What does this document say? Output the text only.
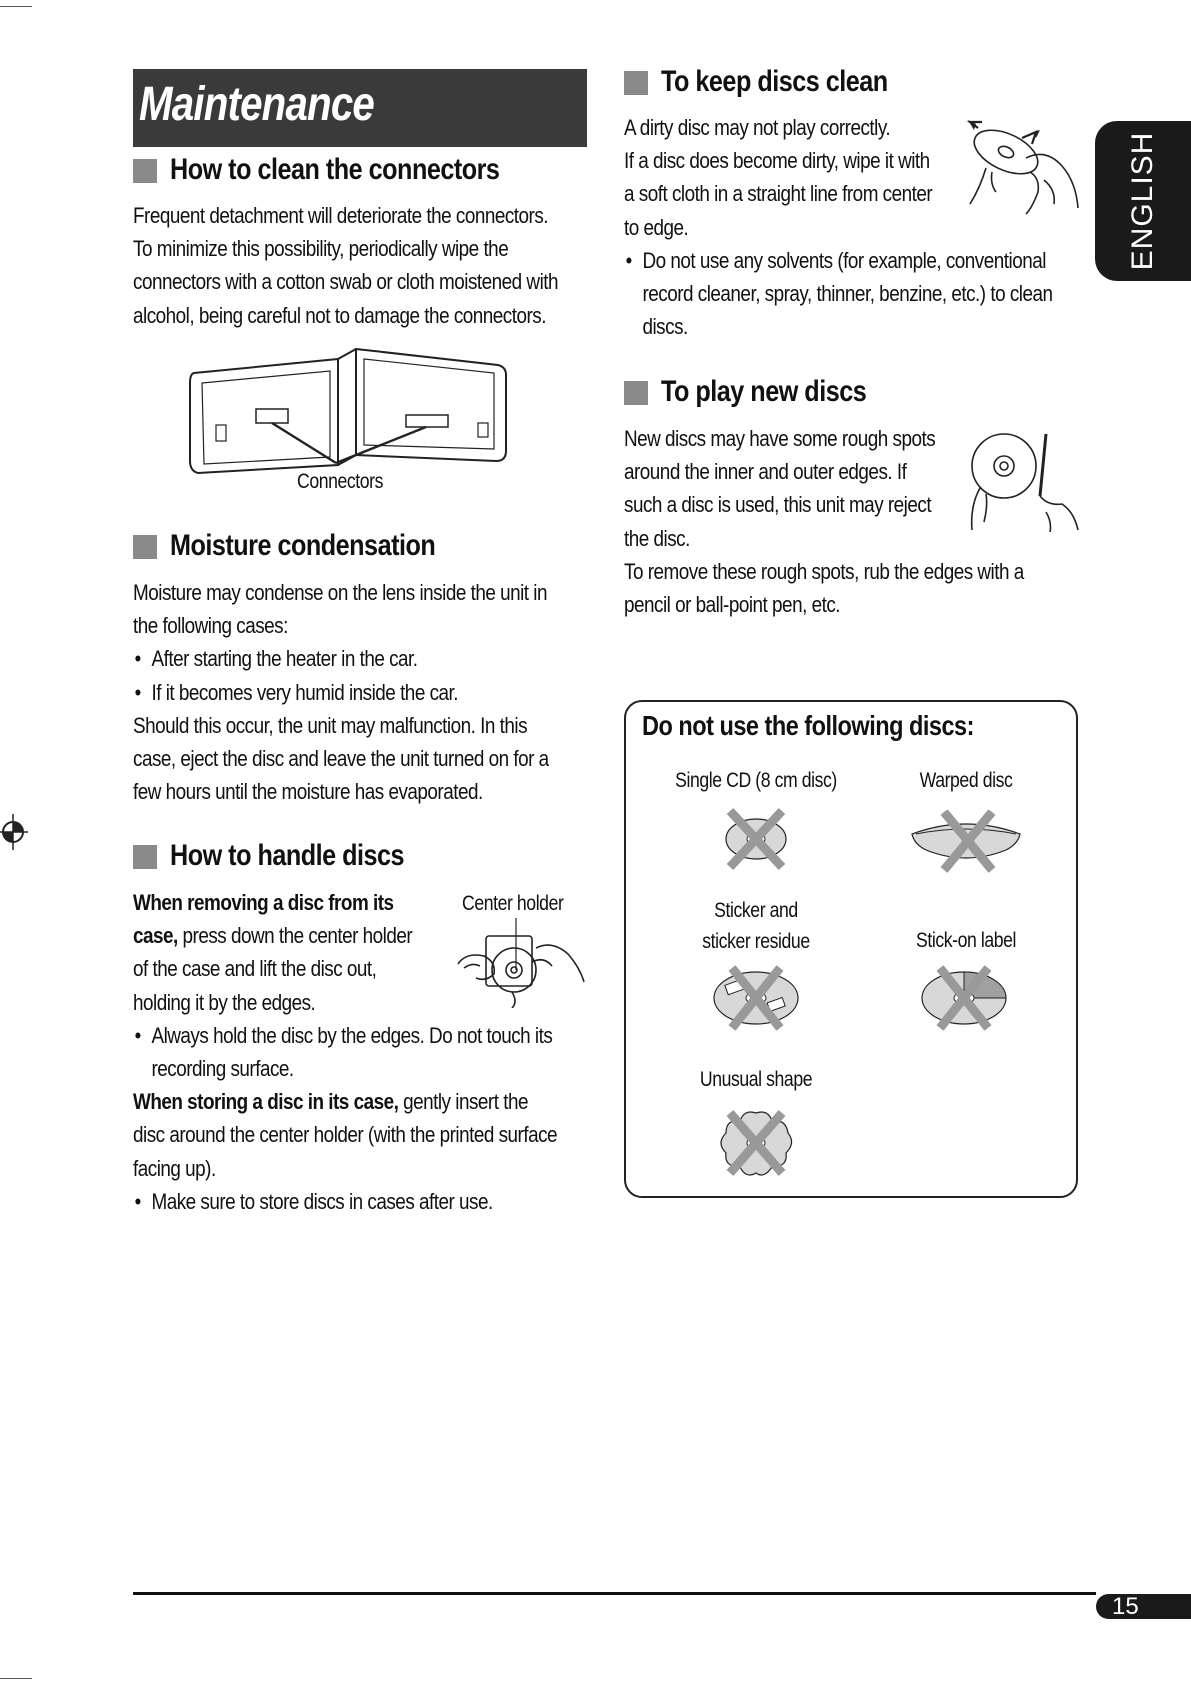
Maintenance
ENGLISH
How to clean the connectors
Frequent detachment will deteriorate the connectors.
To minimize this possibility, periodically wipe the
connectors with a cotton swab or cloth moistened with
alcohol, being careful not to damage the connectors.
Connectors
Moisture condensation
Moisture may condense on the lens inside the unit in
the following cases:
• After starting the heater in the car.
• If it becomes very humid inside the car.
Should this occur, the unit may malfunction. In this
case, eject the disc and leave the unit turned on for a
few hours until the moisture has evaporated.
How to handle discs
When removing a disc from its
case, press down the center holder
of the case and lift the disc out,
holding it by the edges.
• Always hold the disc by the edges. Do not touch its
recording surface.
When storing a disc in its case, gently insert the
disc around the center holder (with the printed surface
facing up).
• Make sure to store discs in cases after use.
Center holder
To keep discs clean
A dirty disc may not play correctly.
If a disc does become dirty, wipe it with
a soft cloth in a straight line from center
to edge.
• Do not use any solvents (for example, conventional
record cleaner, spray, thinner, benzine, etc.) to clean
discs.
To play new discs
New discs may have some rough spots
around the inner and outer edges. If
such a disc is used, this unit may reject
the disc.
To remove these rough spots, rub the edges with a
pencil or ball-point pen, etc.
Do not use the following discs:
Single CD (8 cm disc)	Warped disc
Sticker and
sticker residue	Stick-on label
Unusual shape
15
